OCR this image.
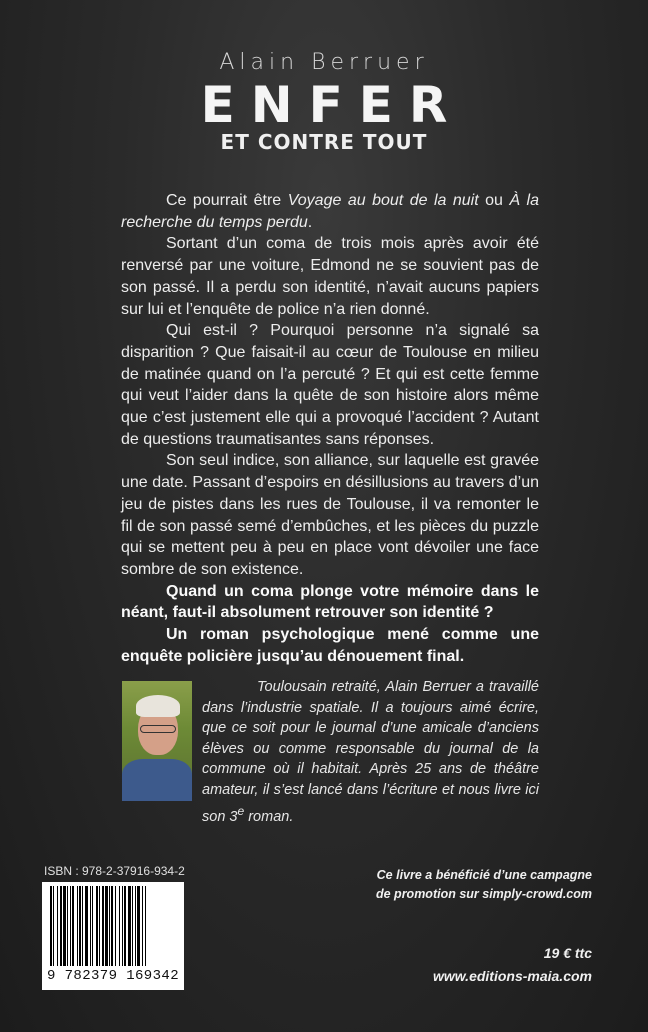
Alain Berruer
ENFER
ET CONTRE TOUT

Ce pourrait être Voyage au bout de la nuit ou À la recherche du temps perdu.

Sortant d’un coma de trois mois après avoir été renversé par une voiture, Edmond ne se souvient pas de son passé. Il a perdu son identité, n’avait aucuns papiers sur lui et l’enquête de police n’a rien donné.

Qui est-il ? Pourquoi personne n’a signalé sa disparition ? Que faisait-il au cœur de Toulouse en milieu de matinée quand on l’a percuté ? Et qui est cette femme qui veut l’aider dans la quête de son histoire alors même que c’est justement elle qui a provoqué l’accident ? Autant de questions traumatisantes sans réponses.

Son seul indice, son alliance, sur laquelle est gravée une date. Passant d’espoirs en désillusions au travers d’un jeu de pistes dans les rues de Toulouse, il va remonter le fil de son passé semé d’embûches, et les pièces du puzzle qui se mettent peu à peu en place vont dévoiler une face sombre de son existence.

Quand un coma plonge votre mémoire dans le néant, faut-il absolument retrouver son identité ?

Un roman psychologique mené comme une enquête policière jusqu’au dénouement final.

Toulousain retraité, Alain Berruer a travaillé dans l’industrie spatiale. Il a toujours aimé écrire, que ce soit pour le journal d’une amicale d’anciens élèves ou comme responsable du journal de la commune où il habitait. Après 25 ans de théâtre amateur, il s’est lancé dans l’écriture et nous livre ici son 3e roman.

ISBN : 978-2-37916-934-2
9 782379 169342
Ce livre a bénéficié d’une campagne
de promotion sur simply-crowd.com
19 € ttc
www.editions-maia.com
